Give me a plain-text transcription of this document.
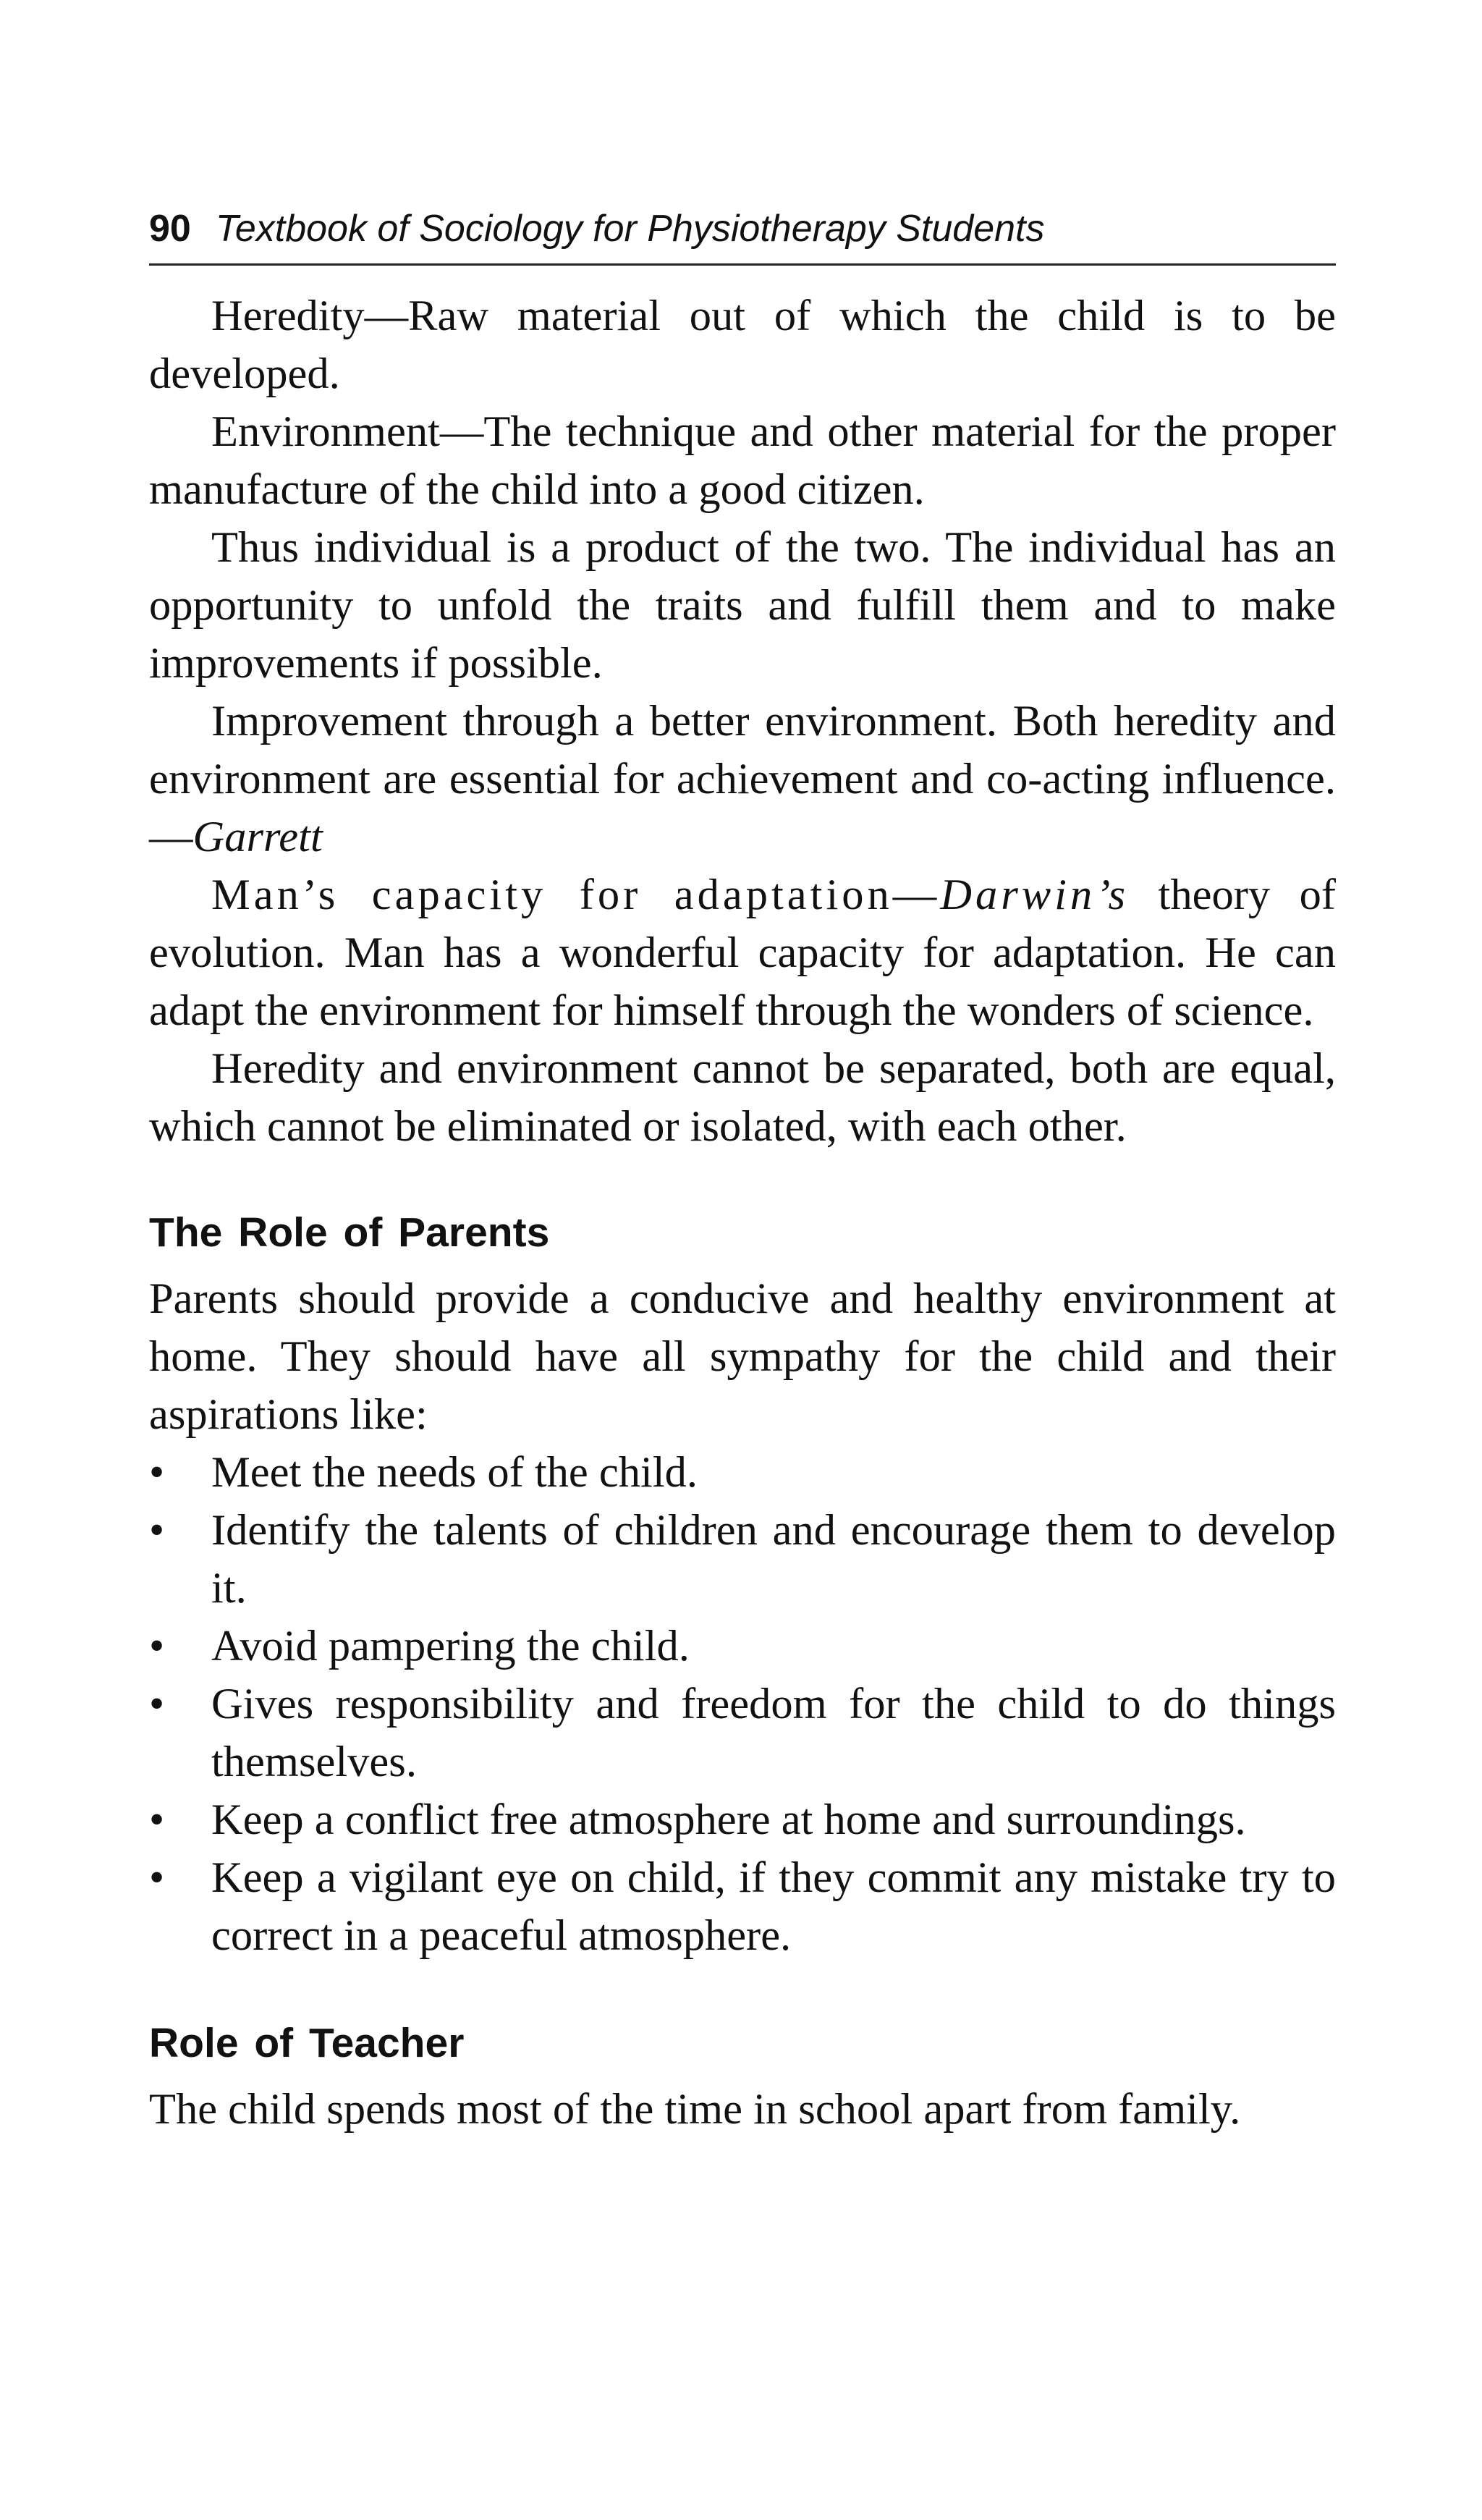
90 Textbook of Sociology for Physiotherapy Students

Heredity—Raw material out of which the child is to be developed.

Environment—The technique and other material for the proper manufacture of the child into a good citizen.

Thus individual is a product of the two. The individual has an opportunity to unfold the traits and fulfill them and to make improvements if possible.

Improvement through a better environment. Both heredity and environment are essential for achievement and co-acting influence.—Garrett

Man’s capacity for adaptation—Darwin’s theory of evolution. Man has a wonderful capacity for adaptation. He can adapt the environment for himself through the wonders of science.

Heredity and environment cannot be separated, both are equal, which cannot be eliminated or isolated, with each other.

The Role of Parents

Parents should provide a conducive and healthy environment at home. They should have all sympathy for the child and their aspirations like:

• Meet the needs of the child.
• Identify the talents of children and encourage them to develop it.
• Avoid pampering the child.
• Gives responsibility and freedom for the child to do things themselves.
• Keep a conflict free atmosphere at home and surroundings.
• Keep a vigilant eye on child, if they commit any mistake try to correct in a peaceful atmosphere.
Role of Teacher

The child spends most of the time in school apart from family.
